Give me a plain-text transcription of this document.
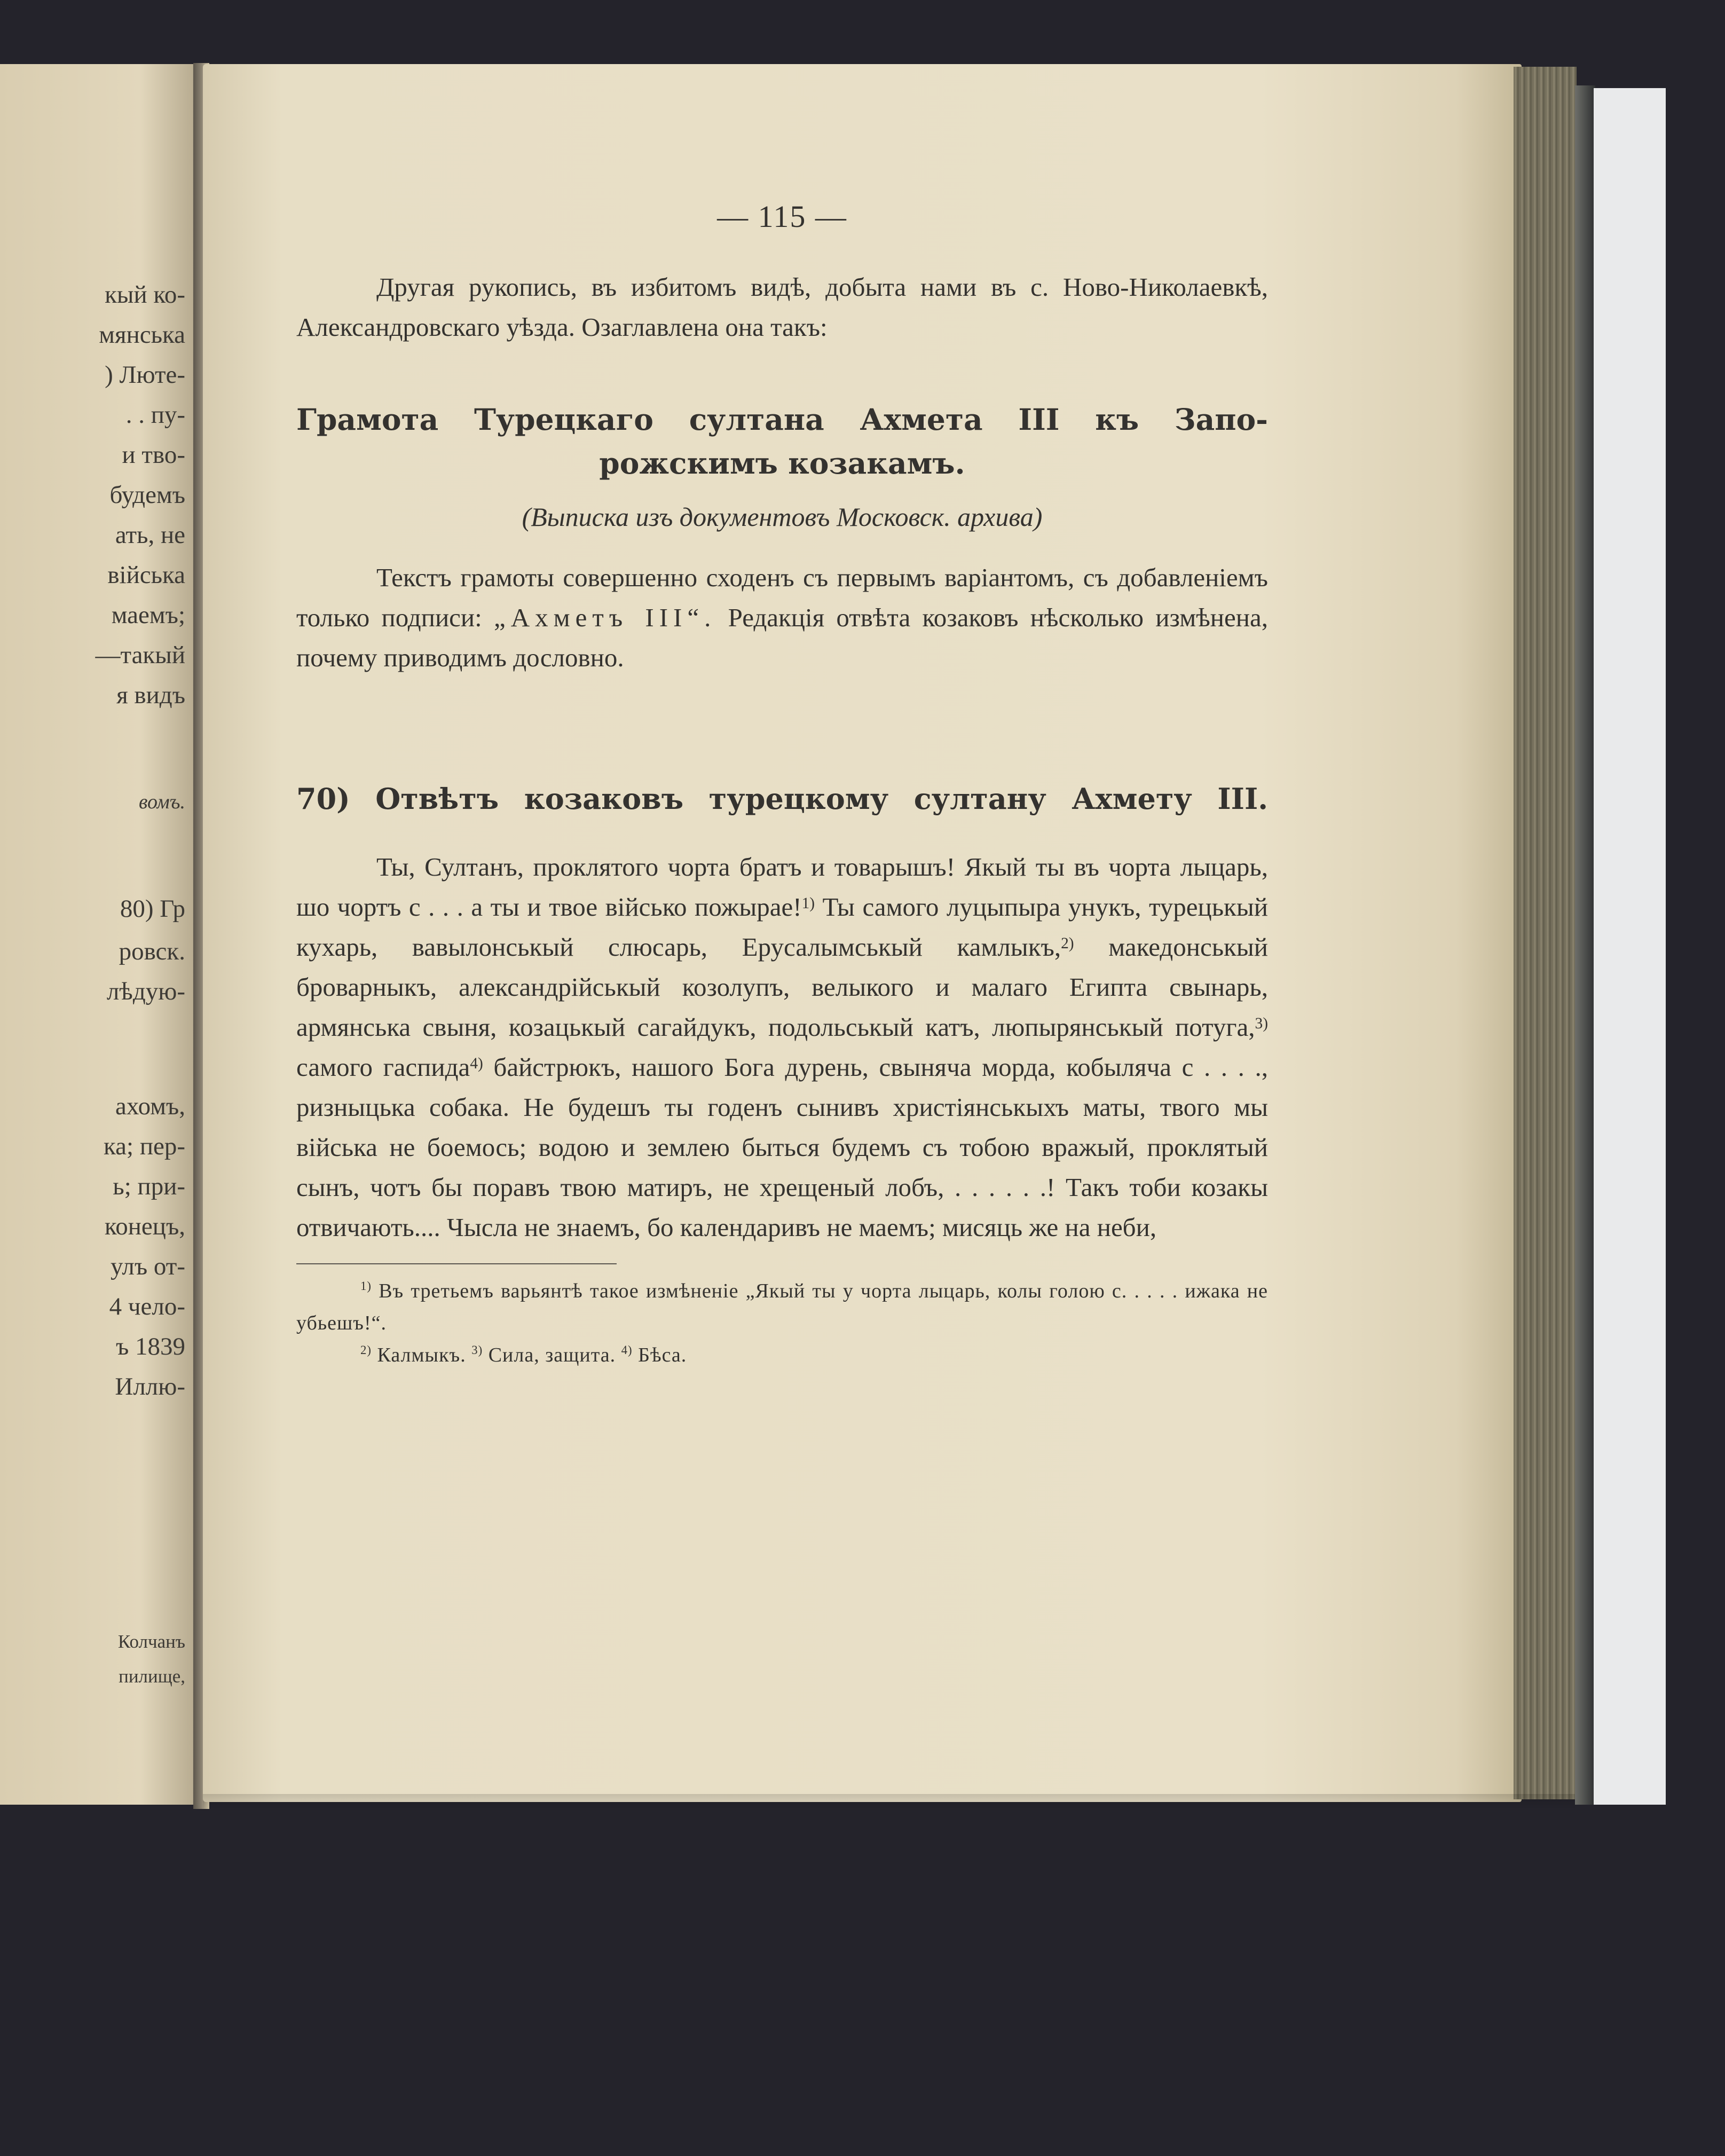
кый ко-
мянська
) Люте-
. . пу-
и тво-
будемъ
ать, не
війська
маемъ;
—такый
я видъ
вомъ.
80) Гр
ровск.
лѣдую-
ахомъ,
ка; пер-
ь; при-
конецъ,
улъ от-
4 чело-
ъ 1839
Иллю-
Колчанъ
пилище,
— 115 —

Другая рукопись, въ избитомъ видѣ, добыта нами въ с. Ново-Николаевкѣ, Александровскаго уѣзда. Озаглавлена она такъ:

Грамота Турецкаго султана Ахмета III къ Запо-
рожскимъ козакамъ.

(Выписка изъ документовъ Московск. архива)

Текстъ грамоты совершенно сходенъ съ первымъ варіантомъ, съ добавленіемъ только подписи: „Ахметъ III“. Редакція отвѣта козаковъ нѣсколько измѣнена, почему приводимъ дословно.

70) Отвѣтъ козаковъ турецкому султану Ахмету III.

Ты, Султанъ, проклятого чорта братъ и товарышъ! Якый ты въ чорта лыцарь, шо чортъ с . . . а ты и твое військо пожырае!$^{1)}$ Ты самого луцыпыра унукъ, турецькый кухарь, вавылонськый слюсарь, Ерусалымськый камлыкъ,$^{2)}$ македонськый броварныкъ, александрійськый козолупъ, велыкого и малаго Египта свынарь, армянська свыня, козацькый сагайдукъ, подольськый катъ, люпырянськый потуга,$^{3)}$ самого гаспида$^{4)}$ байстрюкъ, нашого Бога дурень, свыняча морда, кобыляча с . . . ., ризныцька собака. Не будешъ ты годенъ сынивъ христіянськыхъ маты, твого мы війська не боемось; водою и землею быться будемъ съ тобою вражый, проклятый сынъ, чотъ бы поравъ твою матиръ, не хрещеный лобъ, . . . . . .! Такъ тоби козакы отвичають.... Чысла не знаемъ, бо календаривъ не маемъ; мисяць же на неби,

$^{1)}$ Въ третьемъ варьянтѣ такое измѣненіе „Якый ты у чорта лыцарь, колы голою с. . . . . ижака не убьешъ!“.

$^{2)}$ Калмыкъ. $^{3)}$ Сила, защита. $^{4)}$ Бѣса.
